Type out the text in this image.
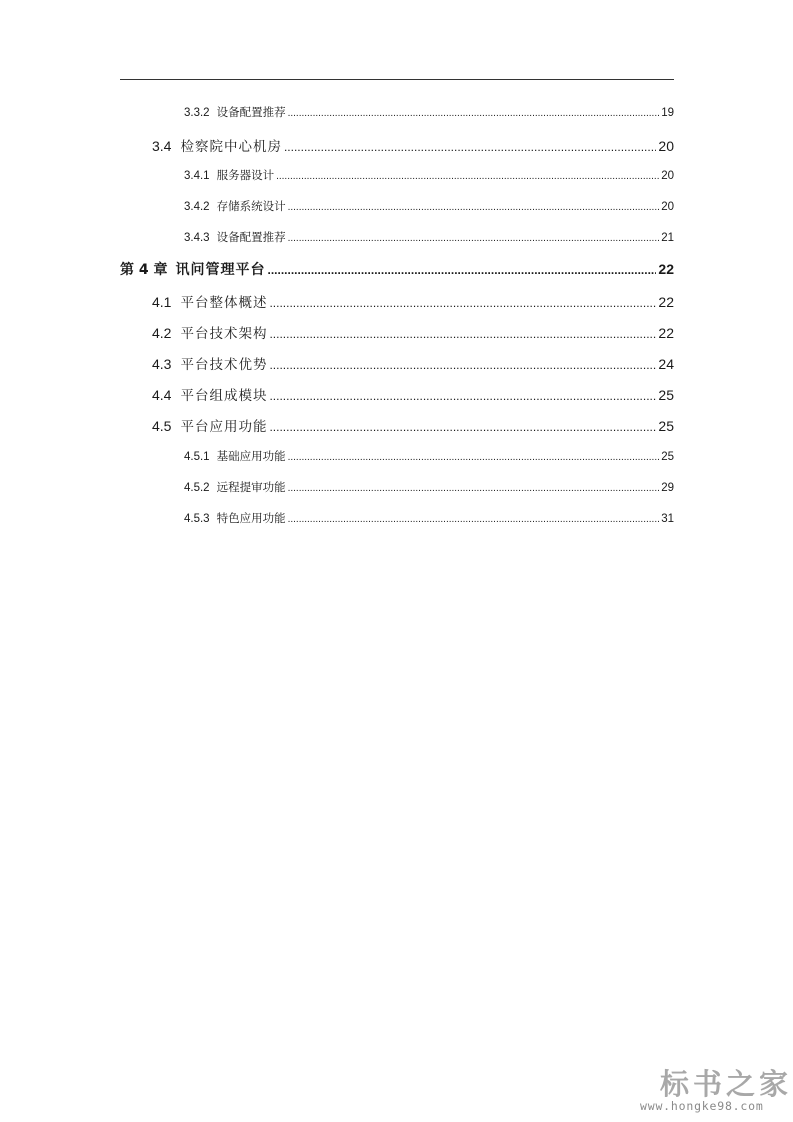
3.3.2 设备配置推荐 .....	19
3.4 检察院中心机房 .....	20
3.4.1 服务器设计 .....	20
3.4.2 存储系统设计 .....	20
3.4.3 设备配置推荐 .....	21
第 4 章 讯问管理平台 .....	22
4.1 平台整体概述 .....	22
4.2 平台技术架构 .....	22
4.3 平台技术优势 .....	24
4.4 平台组成模块 .....	25
4.5 平台应用功能 .....	25
4.5.1 基础应用功能 .....	25
4.5.2 远程提审功能 .....	29
4.5.3 特色应用功能 .....	31
标书之家
www.hongke98.com
